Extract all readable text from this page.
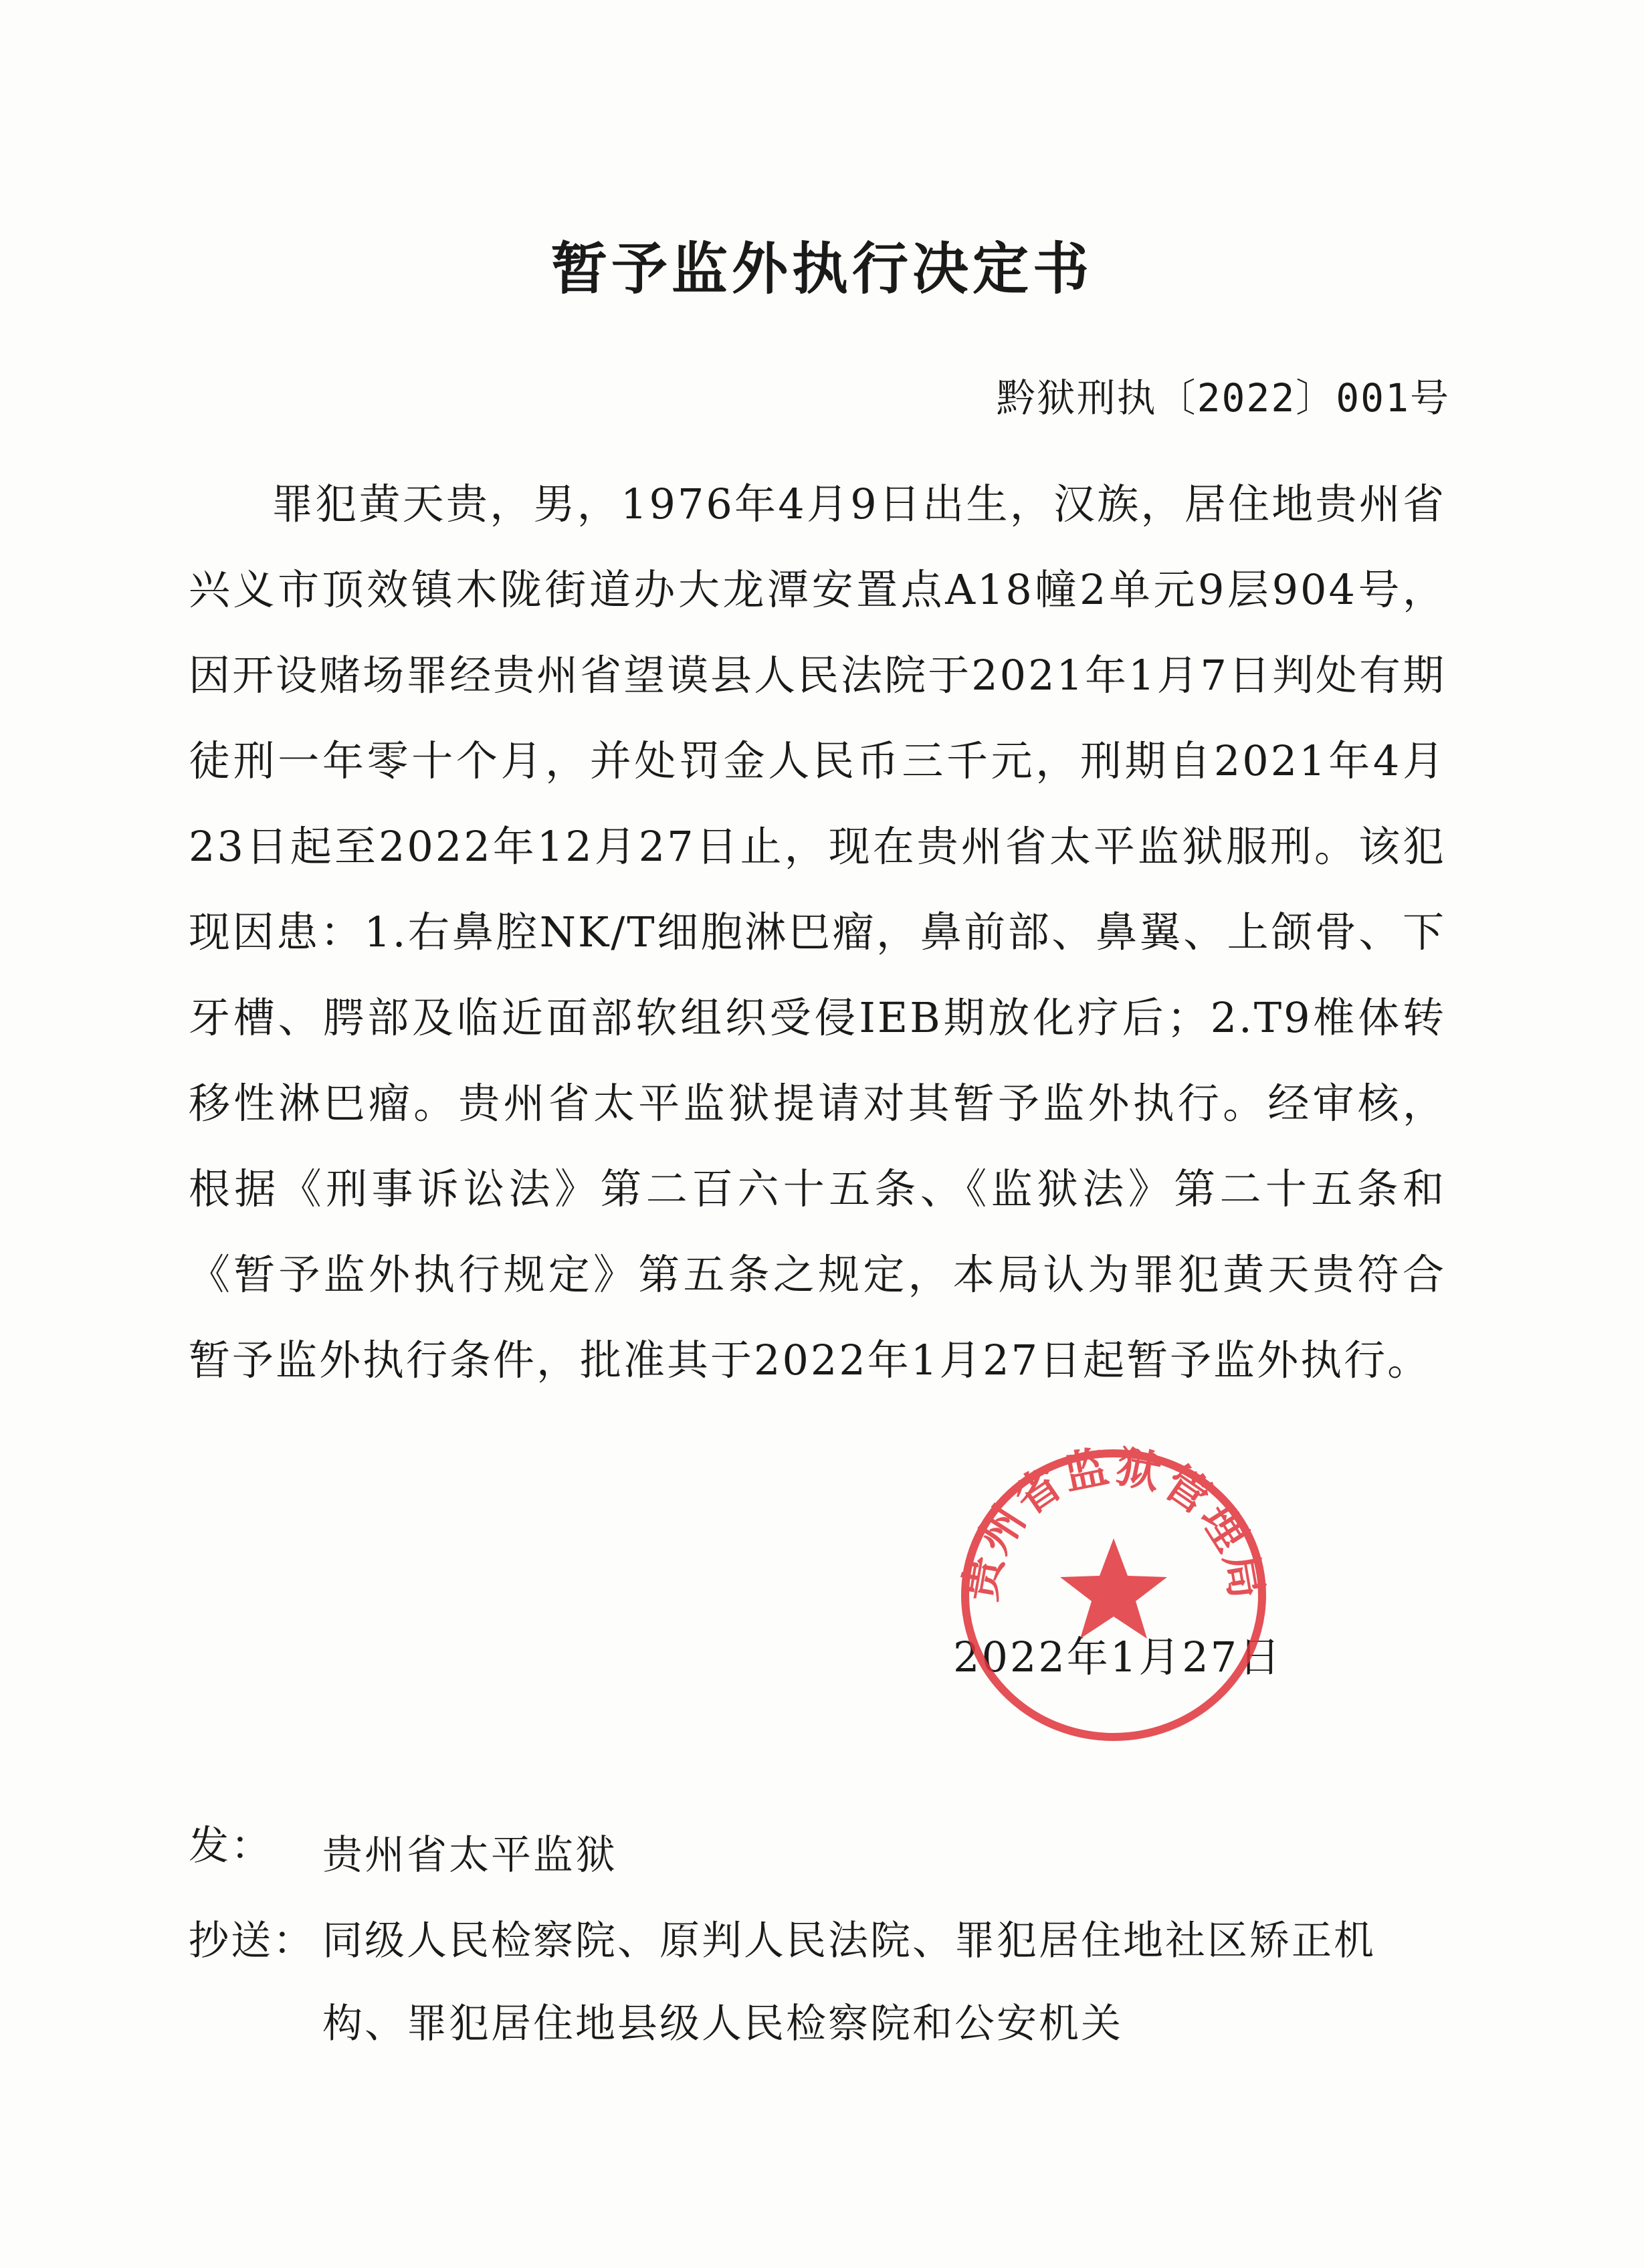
暂予监外执行决定书
黔狱刑执〔2022〕001号
罪犯黄天贵，男，1976年4月9日出生，汉族，居住地贵州省兴义市顶效镇木陇街道办大龙潭安置点A18幢2单元9层904号，因开设赌场罪经贵州省望谟县人民法院于2021年1月7日判处有期徒刑一年零十个月，并处罚金人民币三千元，刑期自2021年4月23日起至2022年12月27日止，现在贵州省太平监狱服刑。该犯现因患：1.右鼻腔NK/T细胞淋巴瘤，鼻前部、鼻翼、上颌骨、下牙槽、腭部及临近面部软组织受侵IEB期放化疗后；2.T9椎体转移性淋巴瘤。贵州省太平监狱提请对其暂予监外执行。经审核，根据《刑事诉讼法》第二百六十五条、《监狱法》第二十五条和《暂予监外执行规定》第五条之规定，本局认为罪犯黄天贵符合暂予监外执行条件，批准其于2022年1月27日起暂予监外执行。
2022年1月27日
贵州省监狱管理局
发： 贵州省太平监狱
抄送： 同级人民检察院、原判人民法院、罪犯居住地社区矫正机构、罪犯居住地县级人民检察院和公安机关
